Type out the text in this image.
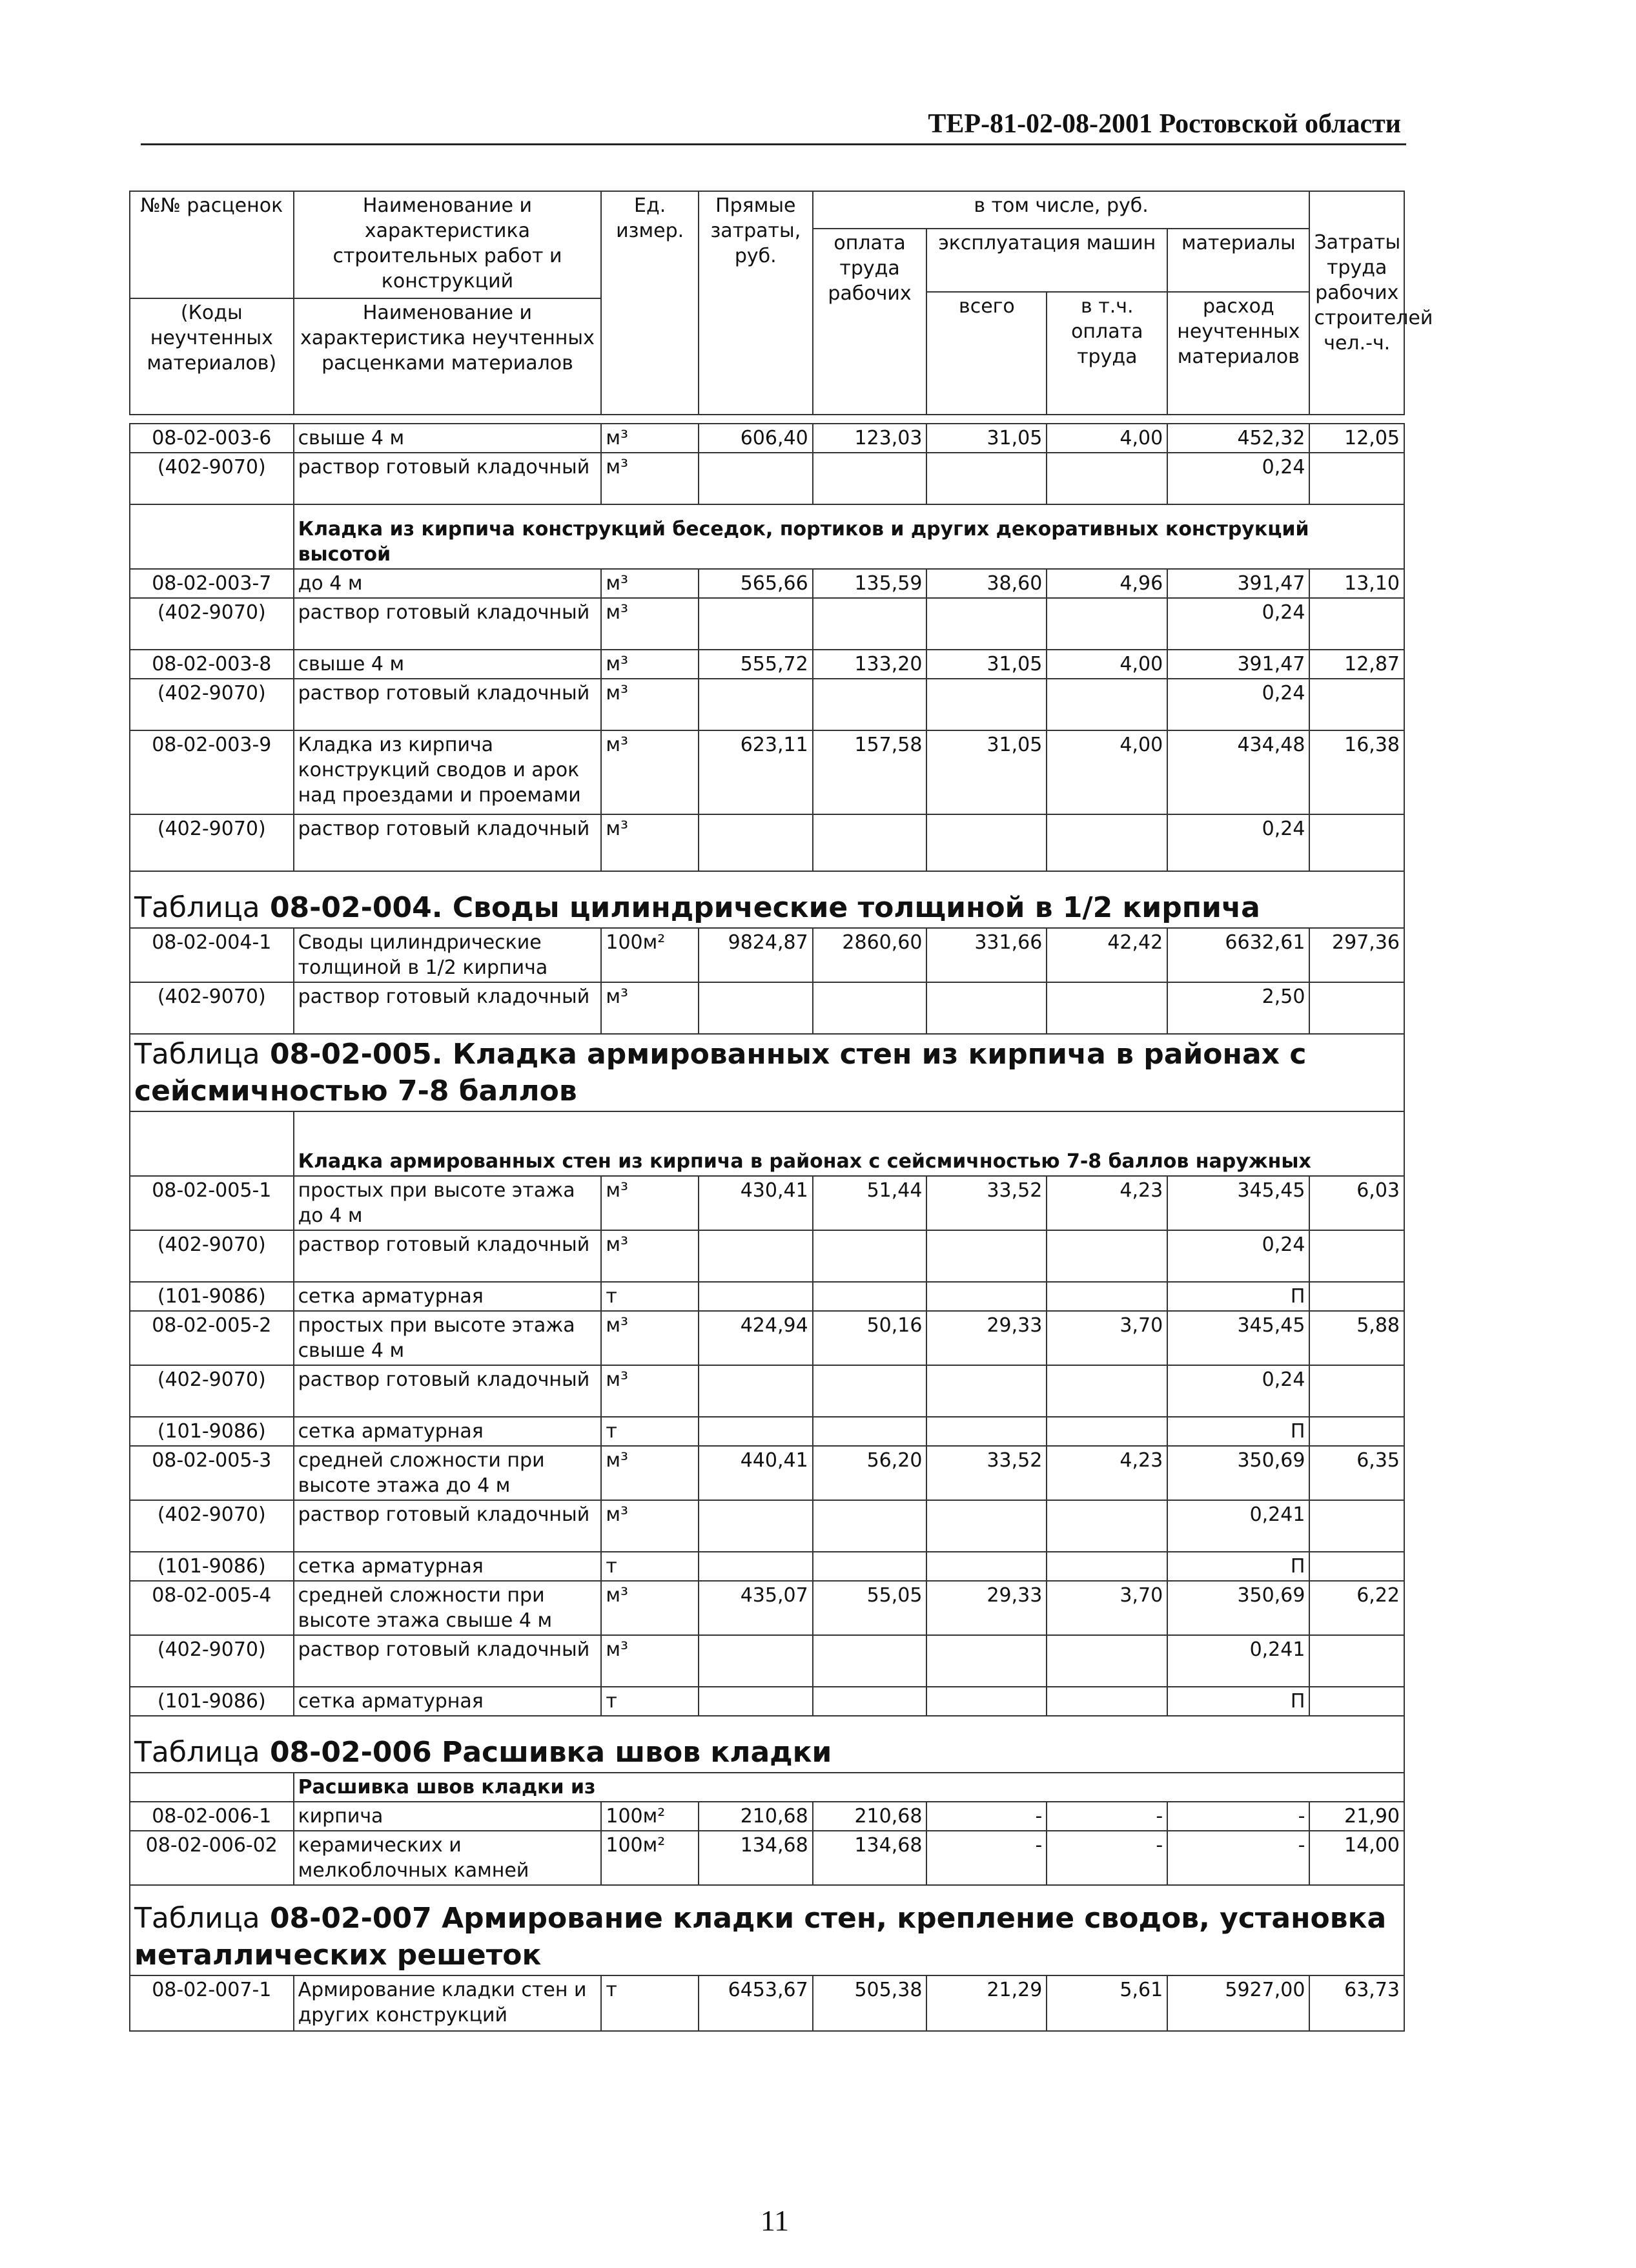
ТЕР-81-02-08-2001 Ростовской области
№№ расценок	Наименование и характеристика строительных работ и конструкций	Ед. измер.	Прямые затраты, руб.	в том числе, руб.				
				оплата труда рабочих	эксплуатация машин		материалы	Затраты труда рабочих строителей чел.-ч.
					всего	в т.ч. оплата труда	расход неучтенных материалов	
(Коды неучтенных материалов)	Наименование и характеристика неучтенных расценками материалов							

08-02-003-6	свыше 4 м	м³	606,40	123,03	31,05	4,00	452,32	12,05
(402-9070)	раствор готовый кладочный	м³					0,24	
	Кладка из кирпича конструкций беседок, портиков и других декоративных конструкций высотой							
08-02-003-7	до 4 м	м³	565,66	135,59	38,60	4,96	391,47	13,10
(402-9070)	раствор готовый кладочный	м³					0,24	
08-02-003-8	свыше 4 м	м³	555,72	133,20	31,05	4,00	391,47	12,87
(402-9070)	раствор готовый кладочный	м³					0,24	
08-02-003-9	Кладка из кирпича конструкций сводов и арок над проездами и проемами	м³	623,11	157,58	31,05	4,00	434,48	16,38
(402-9070)	раствор готовый кладочный	м³					0,24	
Таблица 08-02-004. Своды цилиндрические толщиной в 1/2 кирпича								
08-02-004-1	Своды цилиндрические толщиной в 1/2 кирпича	100м²	9824,87	2860,60	331,66	42,42	6632,61	297,36
(402-9070)	раствор готовый кладочный	м³					2,50	
Таблица 08-02-005. Кладка армированных стен из кирпича в районах с сейсмичностью 7-8 баллов								
	Кладка армированных стен из кирпича в районах с сейсмичностью 7-8 баллов наружных							
08-02-005-1	простых при высоте этажа до 4 м	м³	430,41	51,44	33,52	4,23	345,45	6,03
(402-9070)	раствор готовый кладочный	м³					0,24	
(101-9086)	сетка арматурная	т					П	
08-02-005-2	простых при высоте этажа свыше 4 м	м³	424,94	50,16	29,33	3,70	345,45	5,88
(402-9070)	раствор готовый кладочный	м³					0,24	
(101-9086)	сетка арматурная	т					П	
08-02-005-3	средней сложности при высоте этажа до 4 м	м³	440,41	56,20	33,52	4,23	350,69	6,35
(402-9070)	раствор готовый кладочный	м³					0,241	
(101-9086)	сетка арматурная	т					П	
08-02-005-4	средней сложности при высоте этажа свыше 4 м	м³	435,07	55,05	29,33	3,70	350,69	6,22
(402-9070)	раствор готовый кладочный	м³					0,241	
(101-9086)	сетка арматурная	т					П	
Таблица 08-02-006 Расшивка швов кладки								
	Расшивка швов кладки из							
08-02-006-1	кирпича	100м²	210,68	210,68	-	-	-	21,90
08-02-006-02	керамических и мелкоблочных камней	100м²	134,68	134,68	-	-	-	14,00
Таблица 08-02-007 Армирование кладки стен, крепление сводов, установка металлических решеток								
08-02-007-1	Армирование кладки стен и других конструкций	т	6453,67	505,38	21,29	5,61	5927,00	63,73
11
